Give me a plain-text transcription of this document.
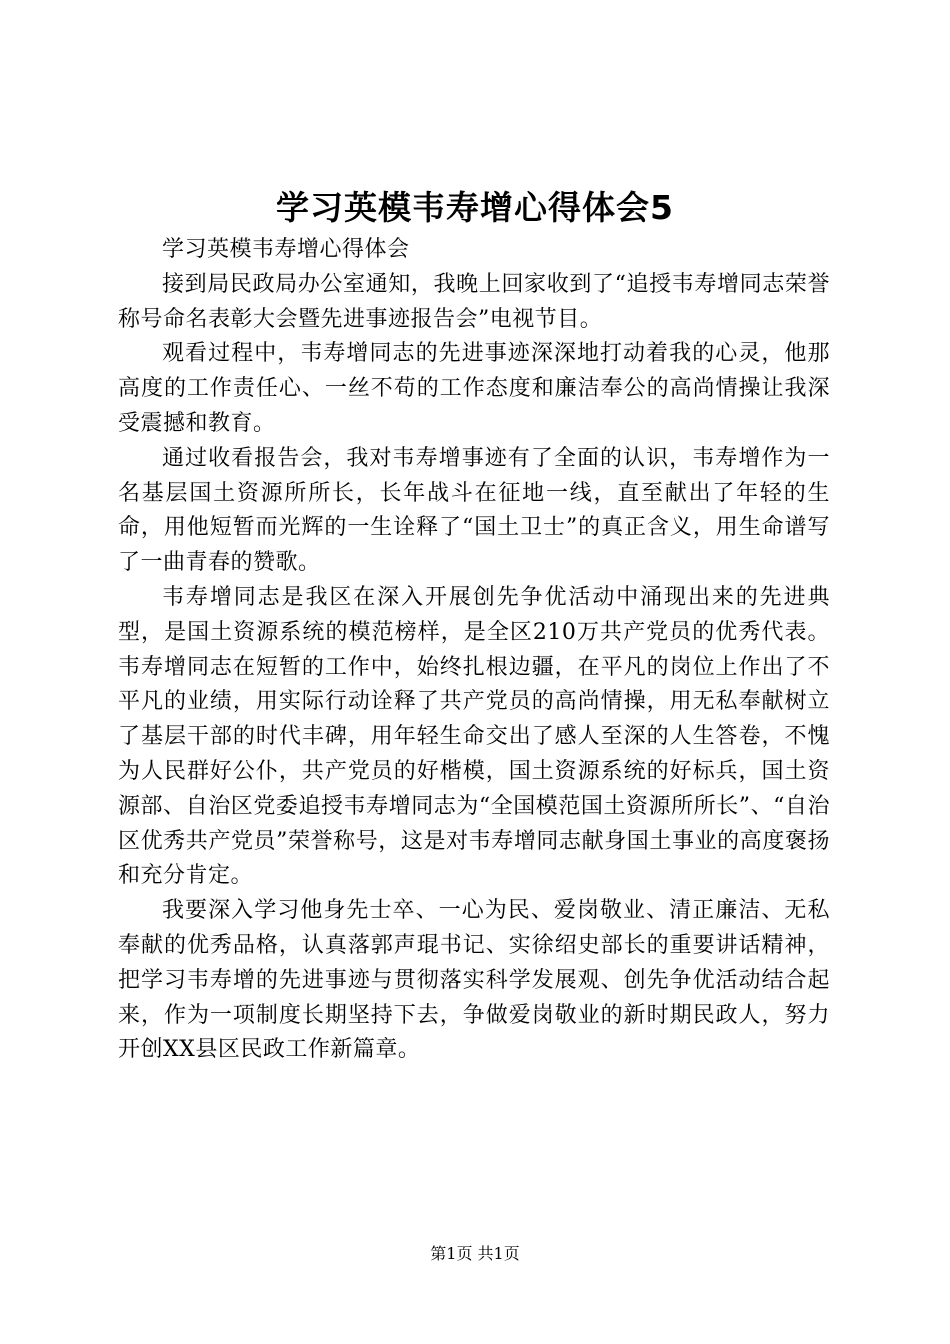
学习英模韦寿增心得体会5

学习英模韦寿增心得体会

接到局民政局办公室通知，我晚上回家收到了“追授韦寿增同志荣誉称号命名表彰大会暨先进事迹报告会”电视节目。

观看过程中，韦寿增同志的先进事迹深深地打动着我的心灵，他那高度的工作责任心、一丝不苟的工作态度和廉洁奉公的高尚情操让我深受震撼和教育。

通过收看报告会，我对韦寿增事迹有了全面的认识，韦寿增作为一名基层国土资源所所长，长年战斗在征地一线，直至献出了年轻的生命，用他短暂而光辉的一生诠释了“国土卫士”的真正含义，用生命谱写了一曲青春的赞歌。

韦寿增同志是我区在深入开展创先争优活动中涌现出来的先进典型，是国土资源系统的模范榜样，是全区210万共产党员的优秀代表。韦寿增同志在短暂的工作中，始终扎根边疆，在平凡的岗位上作出了不平凡的业绩，用实际行动诠释了共产党员的高尚情操，用无私奉献树立了基层干部的时代丰碑，用年轻生命交出了感人至深的人生答卷，不愧为人民群好公仆，共产党员的好楷模，国土资源系统的好标兵，国土资源部、自治区党委追授韦寿增同志为“全国模范国土资源所所长”、“自治区优秀共产党员”荣誉称号，这是对韦寿增同志献身国土事业的高度褒扬和充分肯定。

我要深入学习他身先士卒、一心为民、爱岗敬业、清正廉洁、无私奉献的优秀品格，认真落郭声琨书记、实徐绍史部长的重要讲话精神，把学习韦寿增的先进事迹与贯彻落实科学发展观、创先争优活动结合起来，作为一项制度长期坚持下去，争做爱岗敬业的新时期民政人，努力开创XX县区民政工作新篇章。

第1页 共1页
